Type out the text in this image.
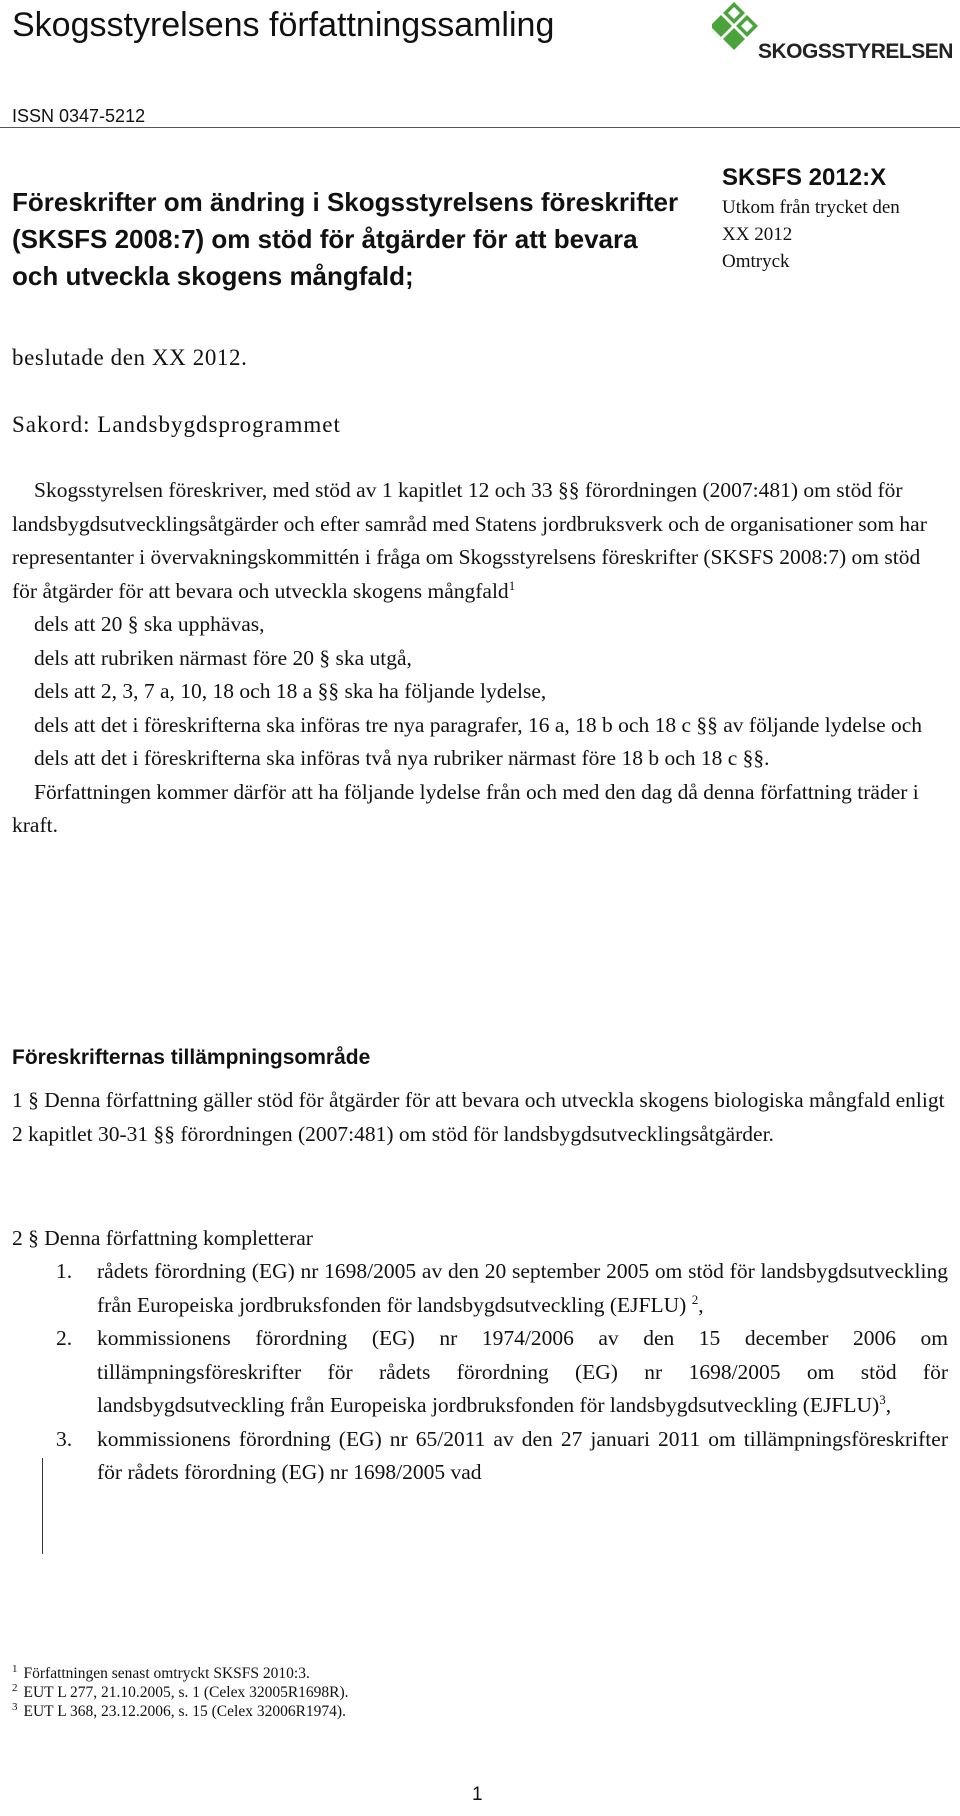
Skogsstyrelsens författningssamling
SKOGSSTYRELSEN
ISSN 0347-5212
Föreskrifter om ändring i Skogsstyrelsens föreskrifter (SKSFS 2008:7) om stöd för åtgärder för att bevara och utveckla skogens mångfald;
beslutade den XX 2012.
SKSFS 2012:X
Utkom från trycket den
XX 2012
Omtryck
Sakord: Landsbygdsprogrammet

Skogsstyrelsen föreskriver, med stöd av 1 kapitlet 12 och 33 §§ förordningen (2007:481) om stöd för landsbygdsutvecklingsåtgärder och efter samråd med Statens jordbruksverk och de organisationer som har representanter i övervakningskommittén i fråga om Skogsstyrelsens föreskrifter (SKSFS 2008:7) om stöd för åtgärder för att bevara och utveckla skogens mångfald$^1$

dels att 20 § ska upphävas,

dels att rubriken närmast före 20 § ska utgå,

dels att 2, 3, 7 a, 10, 18 och 18 a §§ ska ha följande lydelse,

dels att det i föreskrifterna ska införas tre nya paragrafer, 16 a, 18 b och 18 c §§ av följande lydelse och

dels att det i föreskrifterna ska införas två nya rubriker närmast före 18 b och 18 c §§.

Författningen kommer därför att ha följande lydelse från och med den dag då denna författning träder i kraft.

Föreskrifternas tillämpningsområde

1 § Denna författning gäller stöd för åtgärder för att bevara och utveckla skogens biologiska mångfald enligt 2 kapitlet 30-31 §§ förordningen (2007:481) om stöd för landsbygdsutvecklingsåtgärder.

2 § Denna författning kompletterar

1. rådets förordning (EG) nr 1698/2005 av den 20 september 2005 om stöd för landsbygdsutveckling från Europeiska jordbruksfonden för landsbygdsutveckling (EJFLU) $^2$,
2. kommissionens förordning (EG) nr 1974/2006 av den 15 december 2006 om tillämpningsföreskrifter för rådets förordning (EG) nr 1698/2005 om stöd för landsbygdsutveckling från Europeiska jordbruksfonden för landsbygdsutveckling (EJFLU)$^3$,
3. kommissionens förordning (EG) nr 65/2011 av den 27 januari 2011 om tillämpningsföreskrifter för rådets förordning (EG) nr 1698/2005 vad
$^1$ Författningen senast omtryckt SKSFS 2010:3.
$^2$ EUT L 277, 21.10.2005, s. 1 (Celex 32005R1698R).
$^3$ EUT L 368, 23.12.2006, s. 15 (Celex 32006R1974).
1
